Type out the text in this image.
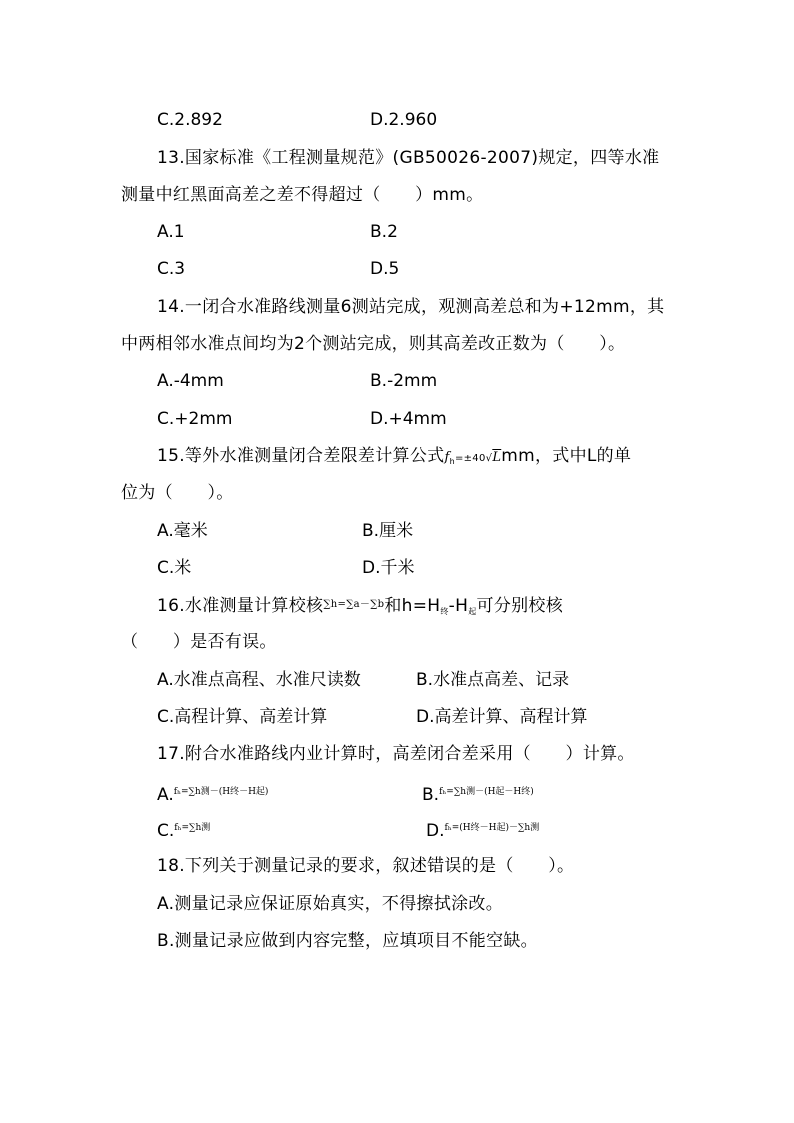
C.2.892	D.2.960
13.国家标准《工程测量规范》(GB50026-2007)规定，四等水准
测量中红黑面高差之差不得超过（　　）mm。
A.1	B.2
C.3	D.5
14.一闭合水准路线测量6测站完成，观测高差总和为+12mm，其
中两相邻水准点间均为2个测站完成，则其高差改正数为（　　）。
A.-4mm	B.-2mm
C.+2mm	D.+4mm
15.等外水准测量闭合差限差计算公式$f_h=\pm 40√Lmm$，式中L的单
位为（　　）。
A.毫米	B.厘米
C.米	D.千米
16.水准测量计算校核$^{\sum h=\sum a-\sum b}$和$h=H_终-H_起$可分别校核
（　　）是否有误。
A.水准点高程、水准尺读数	B.水准点高差、记录
C.高程计算、高差计算	D.高差计算、高程计算
17.附合水准路线内业计算时，高差闭合差采用（　　）计算。
A.$^{f_h=\sum h测-(H终-H起)}$	B.$^{f_h=\sum h测-(H起-H终)}$
C.$^{f_h=\sum h测}$	D.$^{f_h=(H终-H起)-\sum h测}$
18.下列关于测量记录的要求，叙述错误的是（　　）。
A.测量记录应保证原始真实，不得擦拭涂改。
B.测量记录应做到内容完整，应填项目不能空缺。
